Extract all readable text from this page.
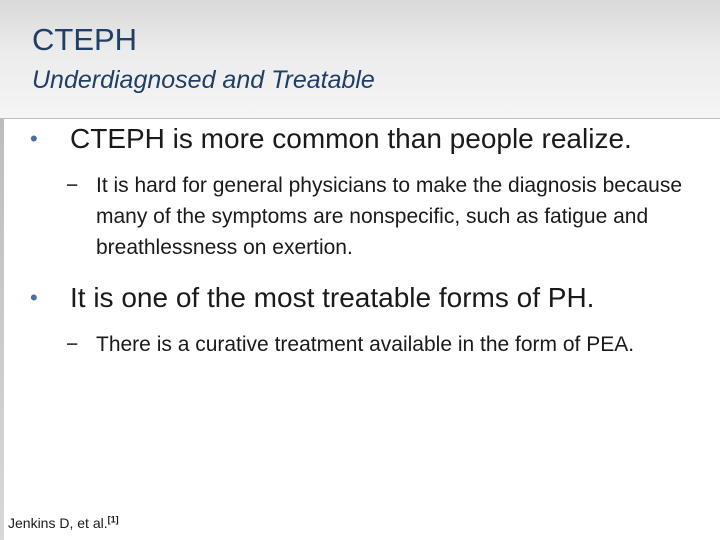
CTEPH
Underdiagnosed and Treatable
•	CTEPH is more common than people realize.
− It is hard for general physicians to make the diagnosis because many of the symptoms are nonspecific, such as fatigue and breathlessness on exertion.
•	It is one of the most treatable forms of PH.
− There is a curative treatment available in the form of PEA.
Jenkins D, et al.[1]
